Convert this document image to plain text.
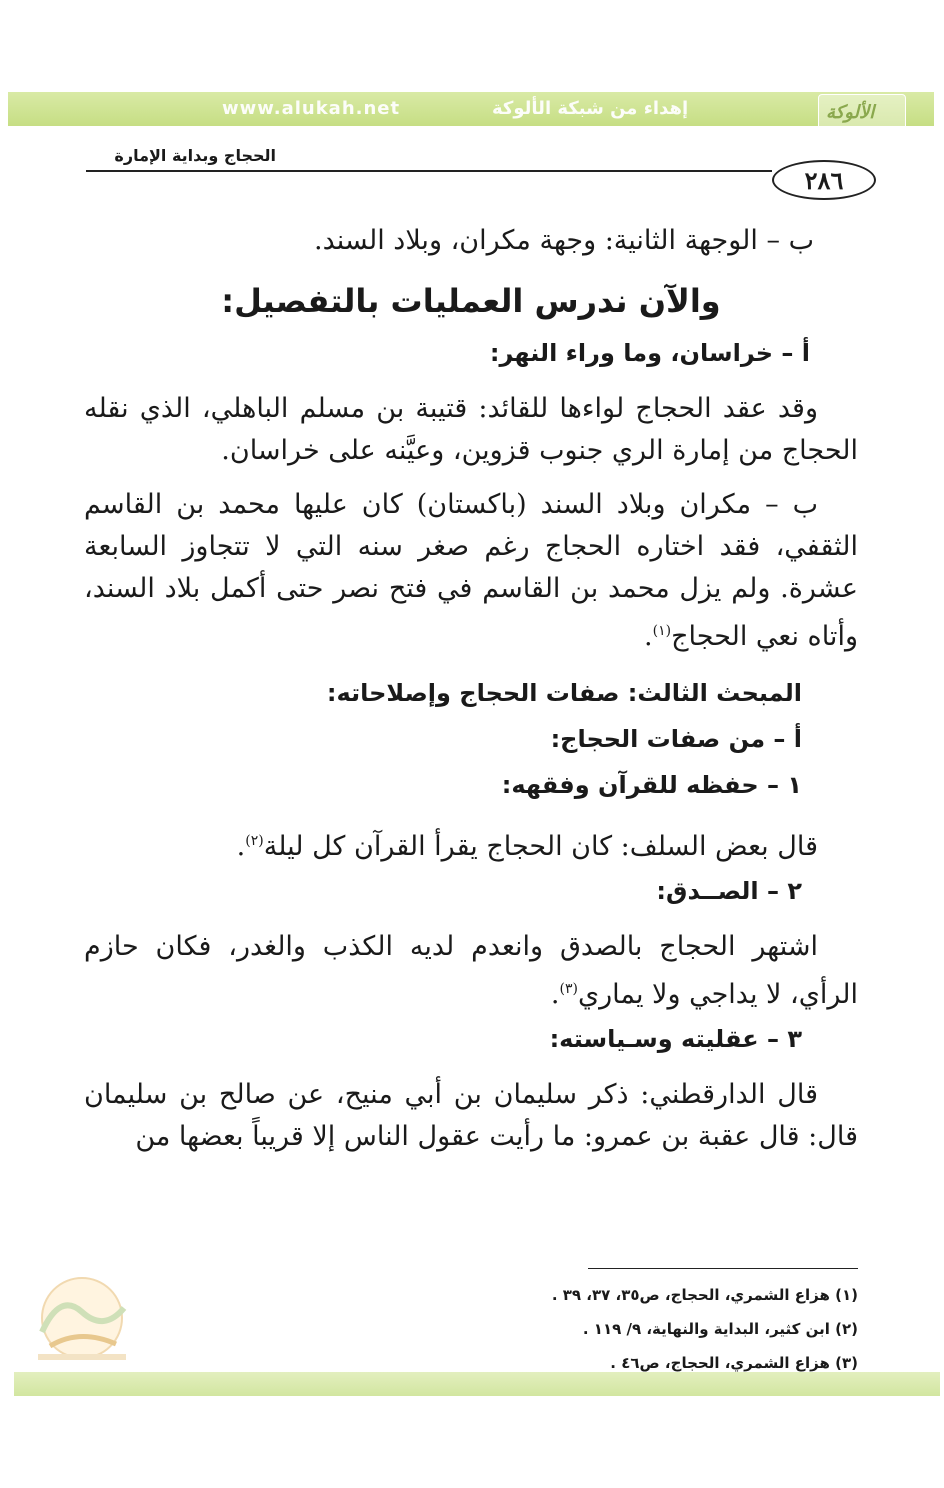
www.alukah.net	إهداء من شبكة الألوكة	الألوكة
الحجاج وبداية الإمارة
٢٨٦

ب – الوجهة الثانية: وجهة مكران، وبلاد السند.

والآن ندرس العمليات بالتفصيل:

أ – خراسان، وما وراء النهر:

وقد عقد الحجاج لواءها للقائد: قتيبة بن مسلم الباهلي، الذي نقله الحجاج من إمارة الري جنوب قزوين، وعيَّنه على خراسان.

ب – مكران وبلاد السند (باكستان) كان عليها محمد بن القاسم الثقفي، فقد اختاره الحجاج رغم صغر سنه التي لا تتجاوز السابعة عشرة. ولم يزل محمد بن القاسم في فتح نصر حتى أكمل بلاد السند، وأتاه نعي الحجاج$^{(١)}$.

المبحث الثالث: صفات الحجاج وإصلاحاته:

أ – من صفات الحجاج:

١ – حفظه للقرآن وفقهه:

قال بعض السلف: كان الحجاج يقرأ القرآن كل ليلة$^{(٢)}$.

٢ – الصــدق:

اشتهر الحجاج بالصدق وانعدم لديه الكذب والغدر، فكان حازم الرأي، لا يداجي ولا يماري$^{(٣)}$.

٣ – عقليته وسـياسته:

قال الدارقطني: ذكر سليمان بن أبي منيح، عن صالح بن سليمان قال: قال عقبة بن عمرو: ما رأيت عقول الناس إلا قريباً بعضها من

(١) هزاع الشمري، الحجاج، ص٣٥، ٣٧، ٣٩ .
(٢) ابن كثير، البداية والنهاية، ٩/ ١١٩ .
(٣) هزاع الشمري، الحجاج، ص٤٦ .
